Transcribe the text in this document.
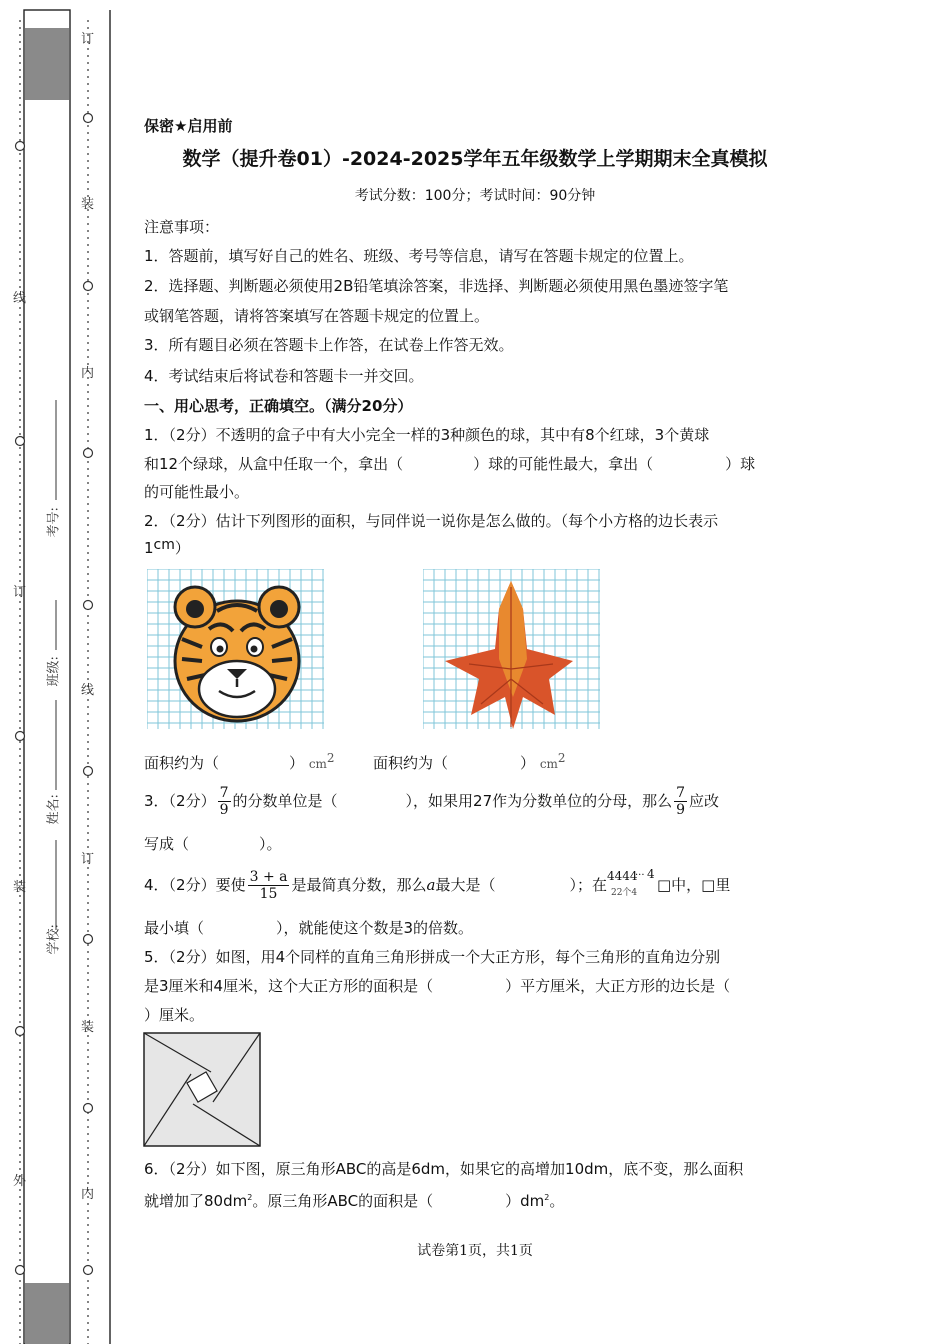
外
装
订
线
内
装
订
线
内
装
订
学校:
姓名:
班级:
考号:
保密★启用前
数学（提升卷01）-2024-2025学年五年级数学上学期期末全真模拟
考试分数：100分；考试时间：90分钟
注意事项：
1．答题前，填写好自己的姓名、班级、考号等信息，请写在答题卡规定的位置上。
2．选择题、判断题必须使用2B铅笔填涂答案，非选择、判断题必须使用黑色墨迹签字笔
或钢笔答题，请将答案填写在答题卡规定的位置上。
3．所有题目必须在答题卡上作答，在试卷上作答无效。
4．考试结束后将试卷和答题卡一并交回。
一、用心思考，正确填空。（满分20分）
1．（2分）不透明的盒子中有大小完全一样的3种颜色的球，其中有8个红球，3个黄球
和12个绿球，从盒中任取一个，拿出（	）球的可能性最大，拿出（	）球
的可能性最小。
2．（2分）估计下列图形的面积，与同伴说一说你是怎么做的。（每个小方格的边长表示
1cm）
面积约为（	） $cm^2$	面积约为（	） $cm^2$
3．（2分） $\frac{7}{9}$ 的分数单位是（	），如果用27作为分数单位的分母，那么 $\frac{7}{9}$ 应改
写成（	）。
4．（2分）要使 $\frac{3 + a}{15}$ 是最简真分数，那么a最大是（	）；在
4444
··· 4
22个4 □中，□里
最小填（	），就能使这个数是3的倍数。
5．（2分）如图，用4个同样的直角三角形拼成一个大正方形，每个三角形的直角边分别
是3厘米和4厘米，这个大正方形的面积是（	）平方厘米，大正方形的边长是（
）厘米。
6．（2分）如下图，原三角形ABC的高是6dm，如果它的高增加10dm，底不变，那么面积
就增加了$80dm^2$。原三角形ABC的面积是（	）$dm^2$。
试卷第1页，共1页
